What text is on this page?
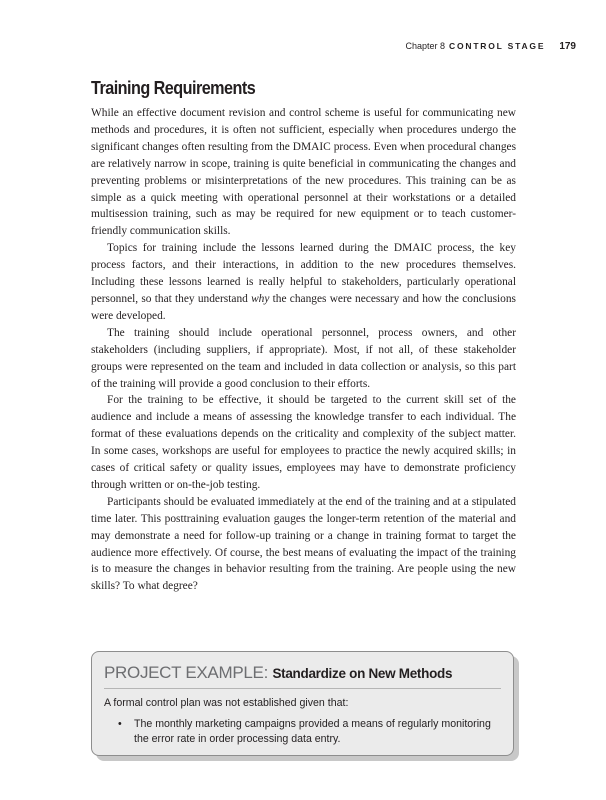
Chapter 8 CONTROL STAGE 179
Training Requirements

While an effective document revision and control scheme is useful for communicating new methods and procedures, it is often not sufficient, especially when procedures undergo the significant changes often resulting from the DMAIC process. Even when procedural changes are relatively narrow in scope, training is quite beneficial in communicating the changes and preventing problems or misinterpretations of the new procedures. This training can be as simple as a quick meeting with operational personnel at their workstations or a detailed multisession training, such as may be required for new equipment or to teach customer-friendly communication skills.

Topics for training include the lessons learned during the DMAIC process, the key process factors, and their interactions, in addition to the new procedures themselves. Including these lessons learned is really helpful to stakeholders, particularly operational personnel, so that they understand why the changes were necessary and how the conclusions were developed.

The training should include operational personnel, process owners, and other stakeholders (including suppliers, if appropriate). Most, if not all, of these stakeholder groups were represented on the team and included in data collection or analysis, so this part of the training will provide a good conclusion to their efforts.

For the training to be effective, it should be targeted to the current skill set of the audience and include a means of assessing the knowledge transfer to each individual. The format of these evaluations depends on the criticality and complexity of the subject matter. In some cases, workshops are useful for employees to practice the newly acquired skills; in cases of critical safety or quality issues, employees may have to demonstrate proficiency through written or on-the-job testing.

Participants should be evaluated immediately at the end of the training and at a stipulated time later. This posttraining evaluation gauges the longer-term retention of the material and may demonstrate a need for follow-up training or a change in training format to target the audience more effectively. Of course, the best means of evaluating the impact of the training is to measure the changes in behavior resulting from the training. Are people using the new skills? To what degree?

PROJECT EXAMPLE: Standardize on New Methods
A formal control plan was not established given that:
• The monthly marketing campaigns provided a means of regularly monitoring the error rate in order processing data entry.
